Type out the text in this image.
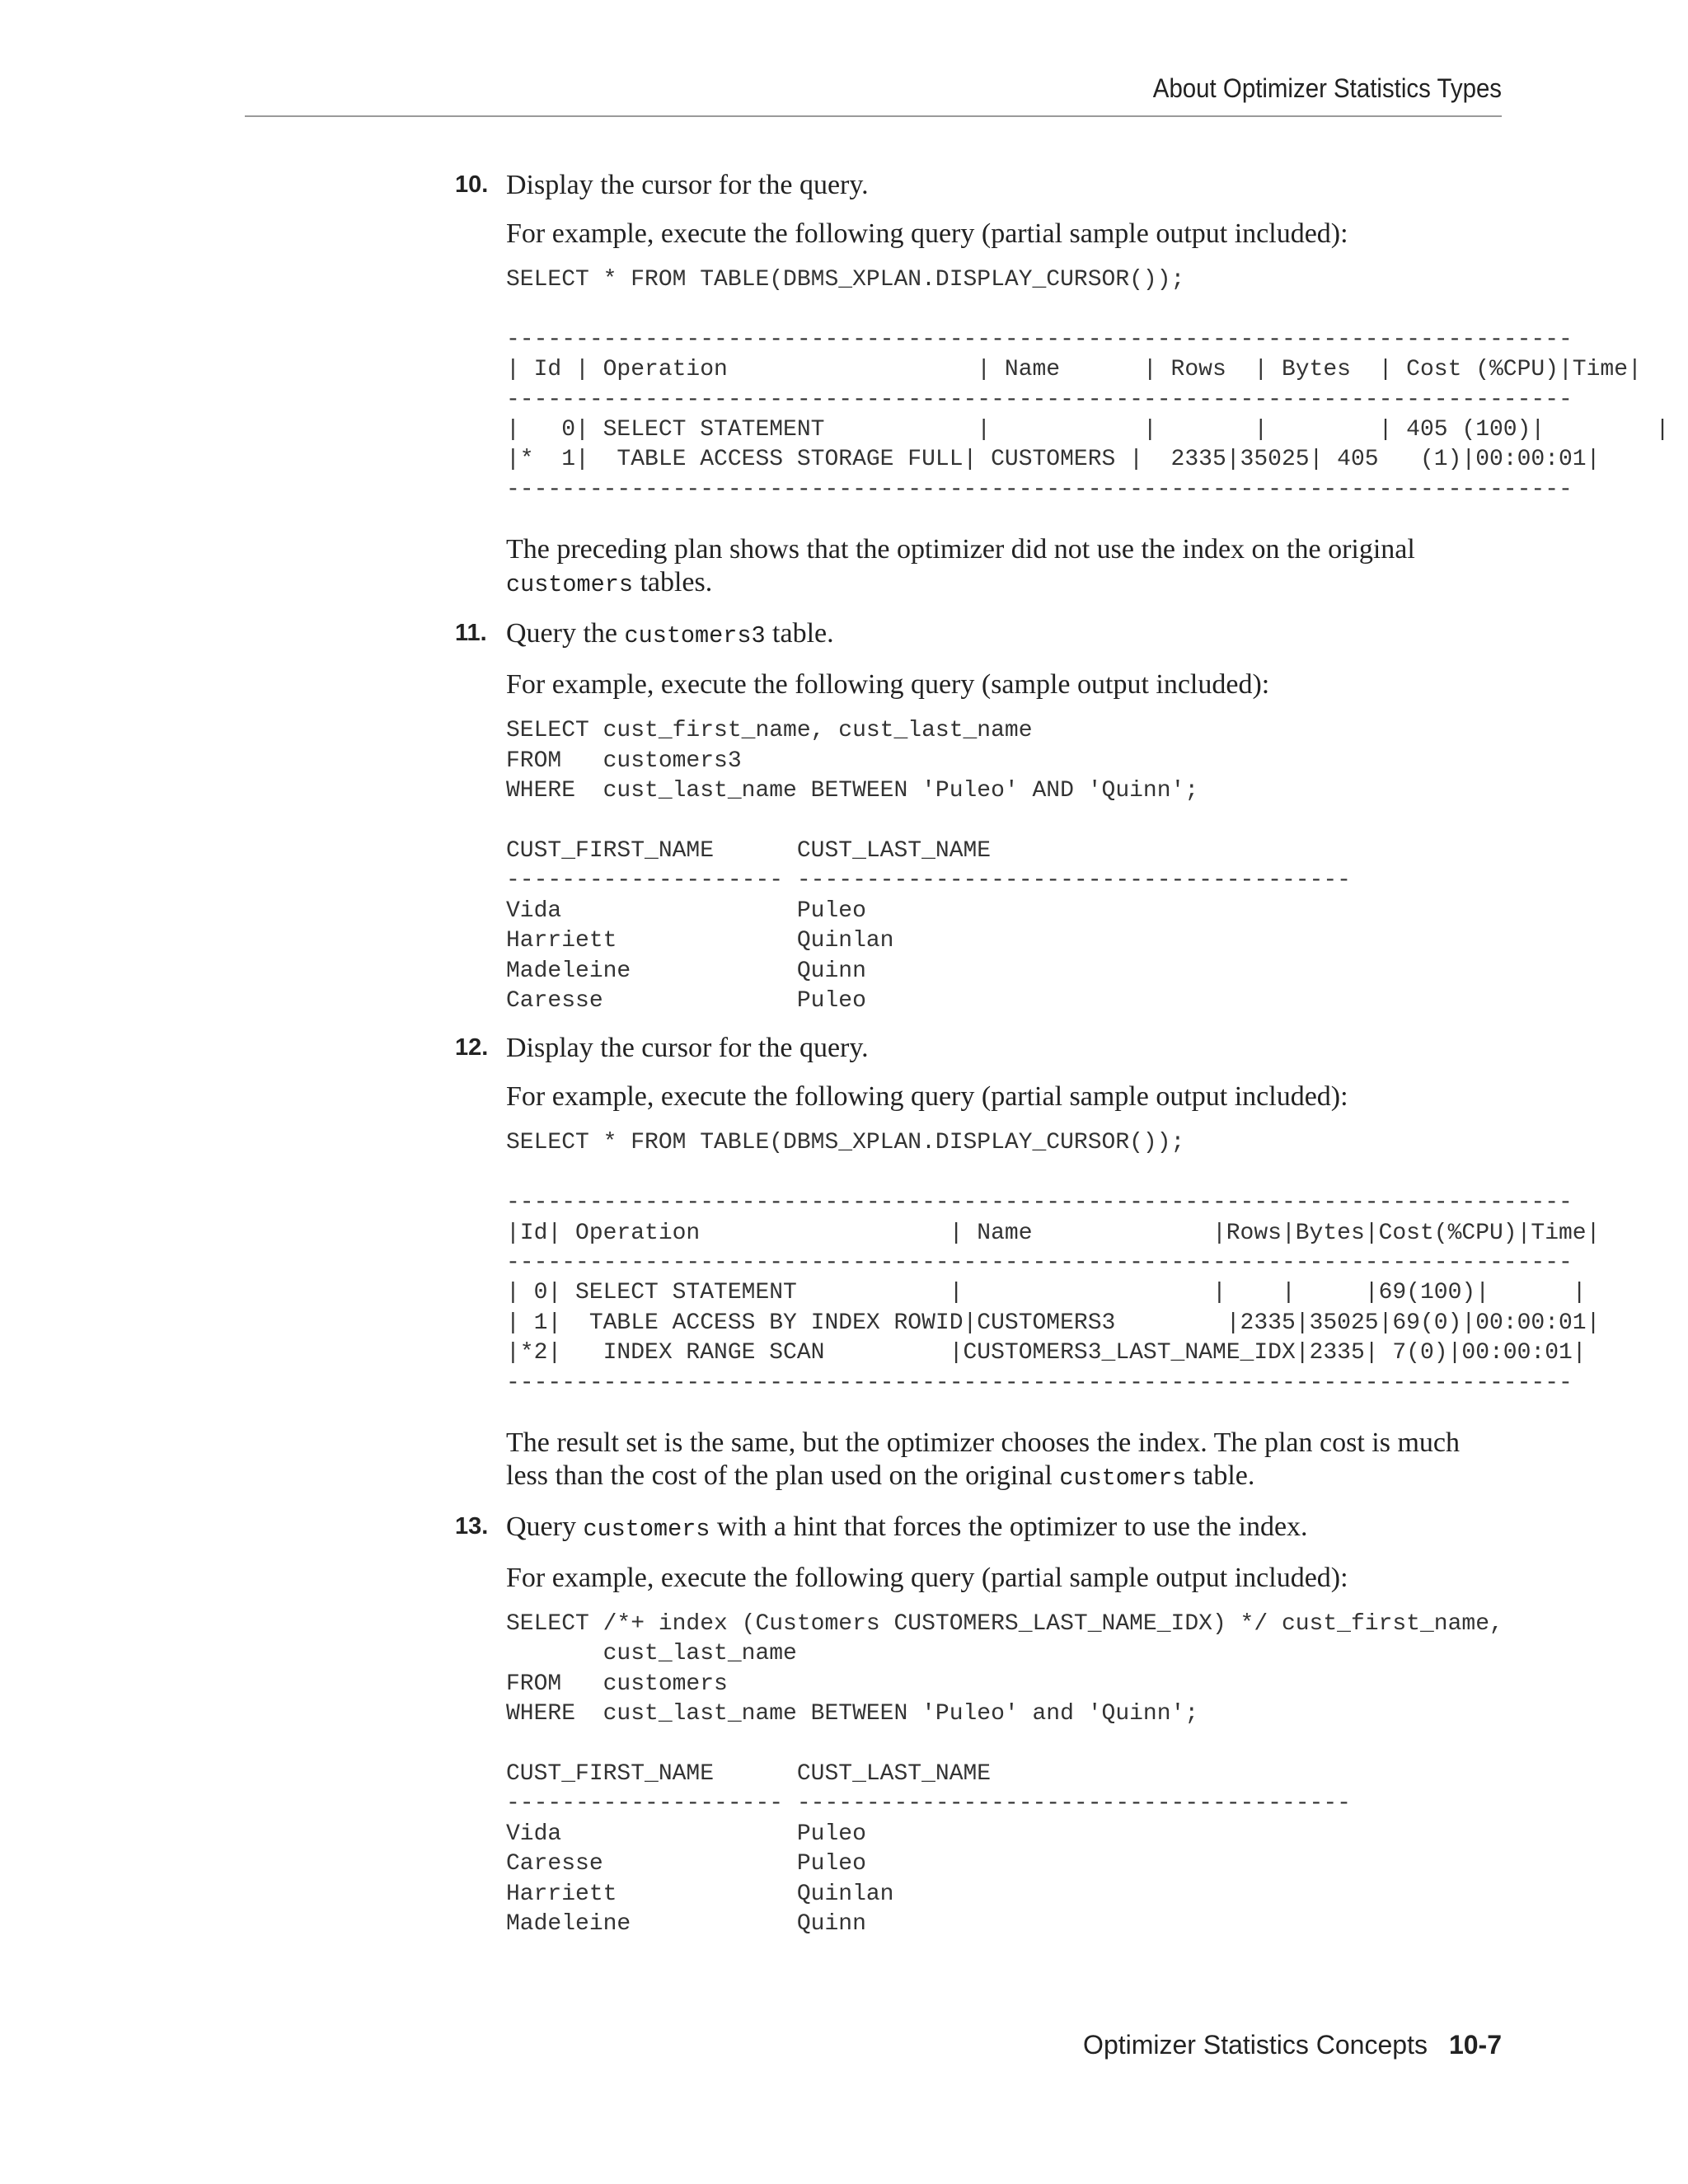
About Optimizer Statistics Types
10. Display the cursor for the query.

For example, execute the following query (partial sample output included):

SELECT * FROM TABLE(DBMS_XPLAN.DISPLAY_CURSOR());

-----------------------------------------------------------------------------
| Id | Operation                  | Name      | Rows  | Bytes  | Cost (%CPU)|Time|
-----------------------------------------------------------------------------
|   0| SELECT STATEMENT           |           |       |        | 405 (100)|        |
|*  1|  TABLE ACCESS STORAGE FULL| CUSTOMERS |  2335|35025| 405   (1)|00:00:01|
-----------------------------------------------------------------------------

The preceding plan shows that the optimizer did not use the index on the original
customers tables.

11. Query the customers3 table.

For example, execute the following query (sample output included):

SELECT cust_first_name, cust_last_name
FROM   customers3
WHERE  cust_last_name BETWEEN 'Puleo' AND 'Quinn';

CUST_FIRST_NAME      CUST_LAST_NAME
-------------------- ----------------------------------------
Vida                 Puleo
Harriett             Quinlan
Madeleine            Quinn
Caresse              Puleo
12. Display the cursor for the query.

For example, execute the following query (partial sample output included):

SELECT * FROM TABLE(DBMS_XPLAN.DISPLAY_CURSOR());

-----------------------------------------------------------------------------
|Id| Operation                  | Name             |Rows|Bytes|Cost(%CPU)|Time|
-----------------------------------------------------------------------------
| 0| SELECT STATEMENT           |                  |    |     |69(100)|      |
| 1|  TABLE ACCESS BY INDEX ROWID|CUSTOMERS3        |2335|35025|69(0)|00:00:01|
|*2|   INDEX RANGE SCAN         |CUSTOMERS3_LAST_NAME_IDX|2335| 7(0)|00:00:01|
-----------------------------------------------------------------------------

The result set is the same, but the optimizer chooses the index. The plan cost is much less than the cost of the plan used on the original customers table.

13. Query customers with a hint that forces the optimizer to use the index.

For example, execute the following query (partial sample output included):

SELECT /*+ index (Customers CUSTOMERS_LAST_NAME_IDX) */ cust_first_name,
cust_last_name
FROM   customers
WHERE  cust_last_name BETWEEN 'Puleo' and 'Quinn';

CUST_FIRST_NAME      CUST_LAST_NAME
-------------------- ----------------------------------------
Vida                 Puleo
Caresse              Puleo
Harriett             Quinlan
Madeleine            Quinn
Optimizer Statistics Concepts 10-7
